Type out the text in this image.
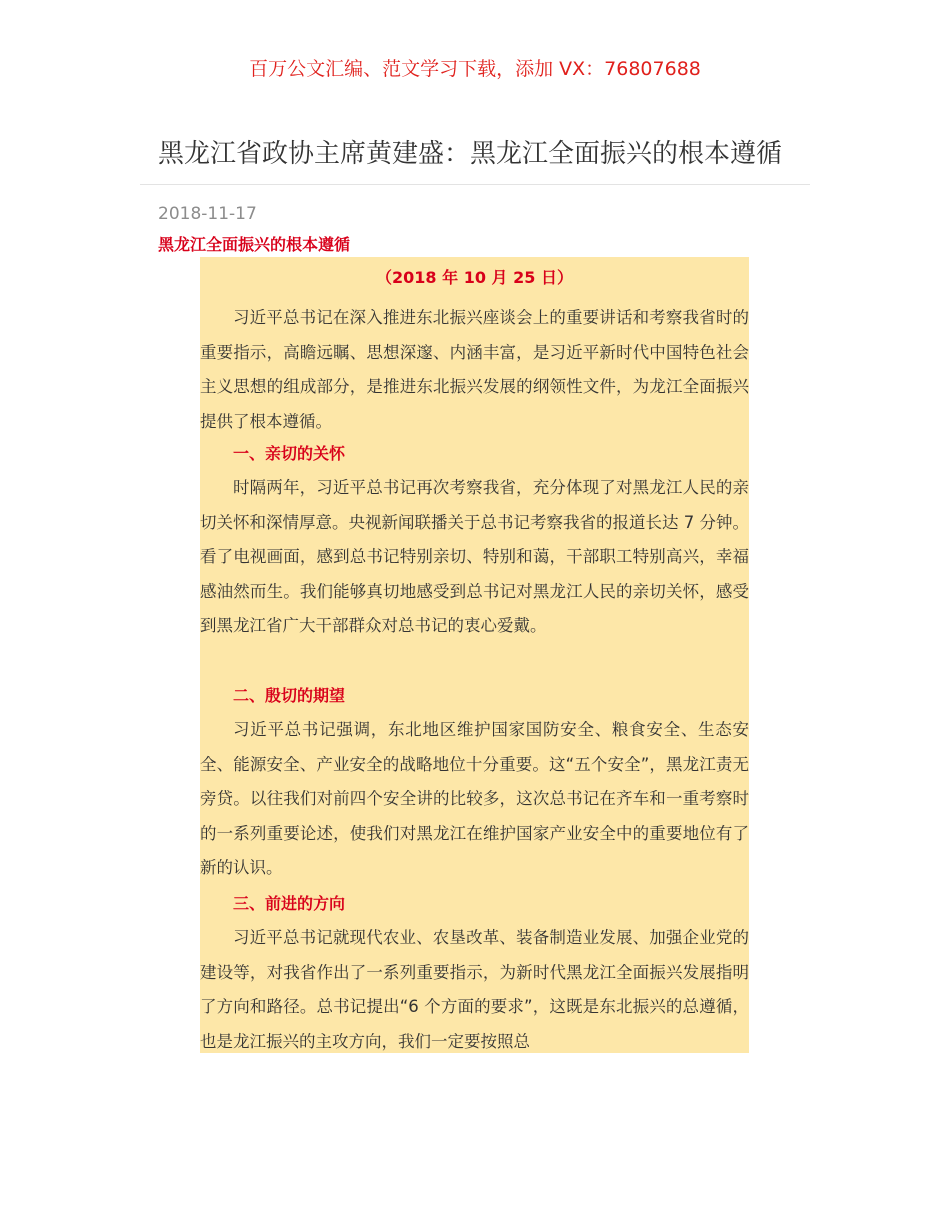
百万公文汇编、范文学习下载，添加 VX：76807688
黑龙江省政协主席黄建盛：黑龙江全面振兴的根本遵循
2018-11-17
黑龙江全面振兴的根本遵循
（2018 年 10 月 25 日）

习近平总书记在深入推进东北振兴座谈会上的重要讲话和考察我省时的重要指示，高瞻远瞩、思想深邃、内涵丰富，是习近平新时代中国特色社会主义思想的组成部分，是推进东北振兴发展的纲领性文件，为龙江全面振兴提供了根本遵循。

一、亲切的关怀

时隔两年，习近平总书记再次考察我省，充分体现了对黑龙江人民的亲切关怀和深情厚意。央视新闻联播关于总书记考察我省的报道长达 7 分钟。看了电视画面，感到总书记特别亲切、特别和蔼，干部职工特别高兴，幸福感油然而生。我们能够真切地感受到总书记对黑龙江人民的亲切关怀，感受到黑龙江省广大干部群众对总书记的衷心爱戴。

二、殷切的期望

习近平总书记强调，东北地区维护国家国防安全、粮食安全、生态安全、能源安全、产业安全的战略地位十分重要。这“五个安全”，黑龙江责无旁贷。以往我们对前四个安全讲的比较多，这次总书记在齐车和一重考察时的一系列重要论述，使我们对黑龙江在维护国家产业安全中的重要地位有了新的认识。

三、前进的方向

习近平总书记就现代农业、农垦改革、装备制造业发展、加强企业党的建设等，对我省作出了一系列重要指示，为新时代黑龙江全面振兴发展指明了方向和路径。总书记提出“6 个方面的要求”，这既是东北振兴的总遵循，也是龙江振兴的主攻方向，我们一定要按照总
